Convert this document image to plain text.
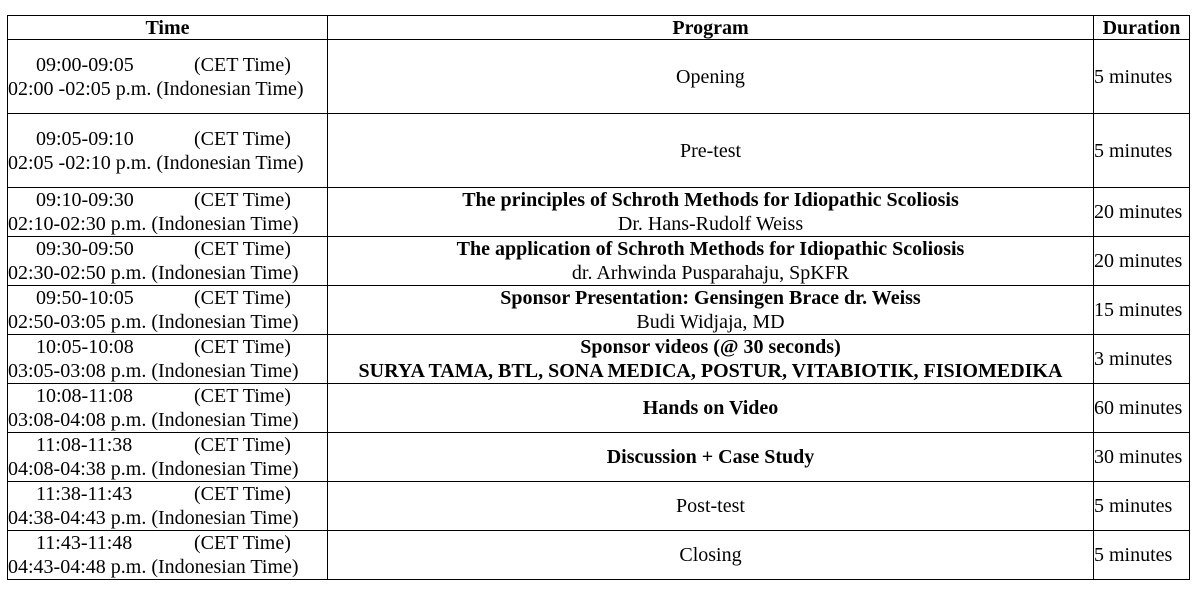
Time	Program	Duration

09:00-09:05 (CET Time)
02:00 -02:05 p.m. (Indonesian Time)	Opening	5 minutes

09:05-09:10 (CET Time)
02:05 -02:10 p.m. (Indonesian Time)	Pre-test	5 minutes

09:10-09:30 (CET Time)
02:10-02:30 p.m. (Indonesian Time)	The principles of Schroth Methods for Idiopathic Scoliosis
Dr. Hans-Rudolf Weiss	20 minutes

09:30-09:50 (CET Time)
02:30-02:50 p.m. (Indonesian Time)	The application of Schroth Methods for Idiopathic Scoliosis
dr. Arhwinda Pusparahaju, SpKFR	20 minutes

09:50-10:05 (CET Time)
02:50-03:05 p.m. (Indonesian Time)	Sponsor Presentation: Gensingen Brace dr. Weiss
Budi Widjaja, MD	15 minutes

10:05-10:08 (CET Time)
03:05-03:08 p.m. (Indonesian Time)	Sponsor videos (@ 30 seconds)
SURYA TAMA, BTL, SONA MEDICA, POSTUR, VITABIOTIK, FISIOMEDIKA	3 minutes

10:08-11:08 (CET Time)
03:08-04:08 p.m. (Indonesian Time)	Hands on Video	60 minutes

11:08-11:38 (CET Time)
04:08-04:38 p.m. (Indonesian Time)	Discussion + Case Study	30 minutes

11:38-11:43 (CET Time)
04:38-04:43 p.m. (Indonesian Time)	Post-test	5 minutes

11:43-11:48 (CET Time)
04:43-04:48 p.m. (Indonesian Time)	Closing	5 minutes
